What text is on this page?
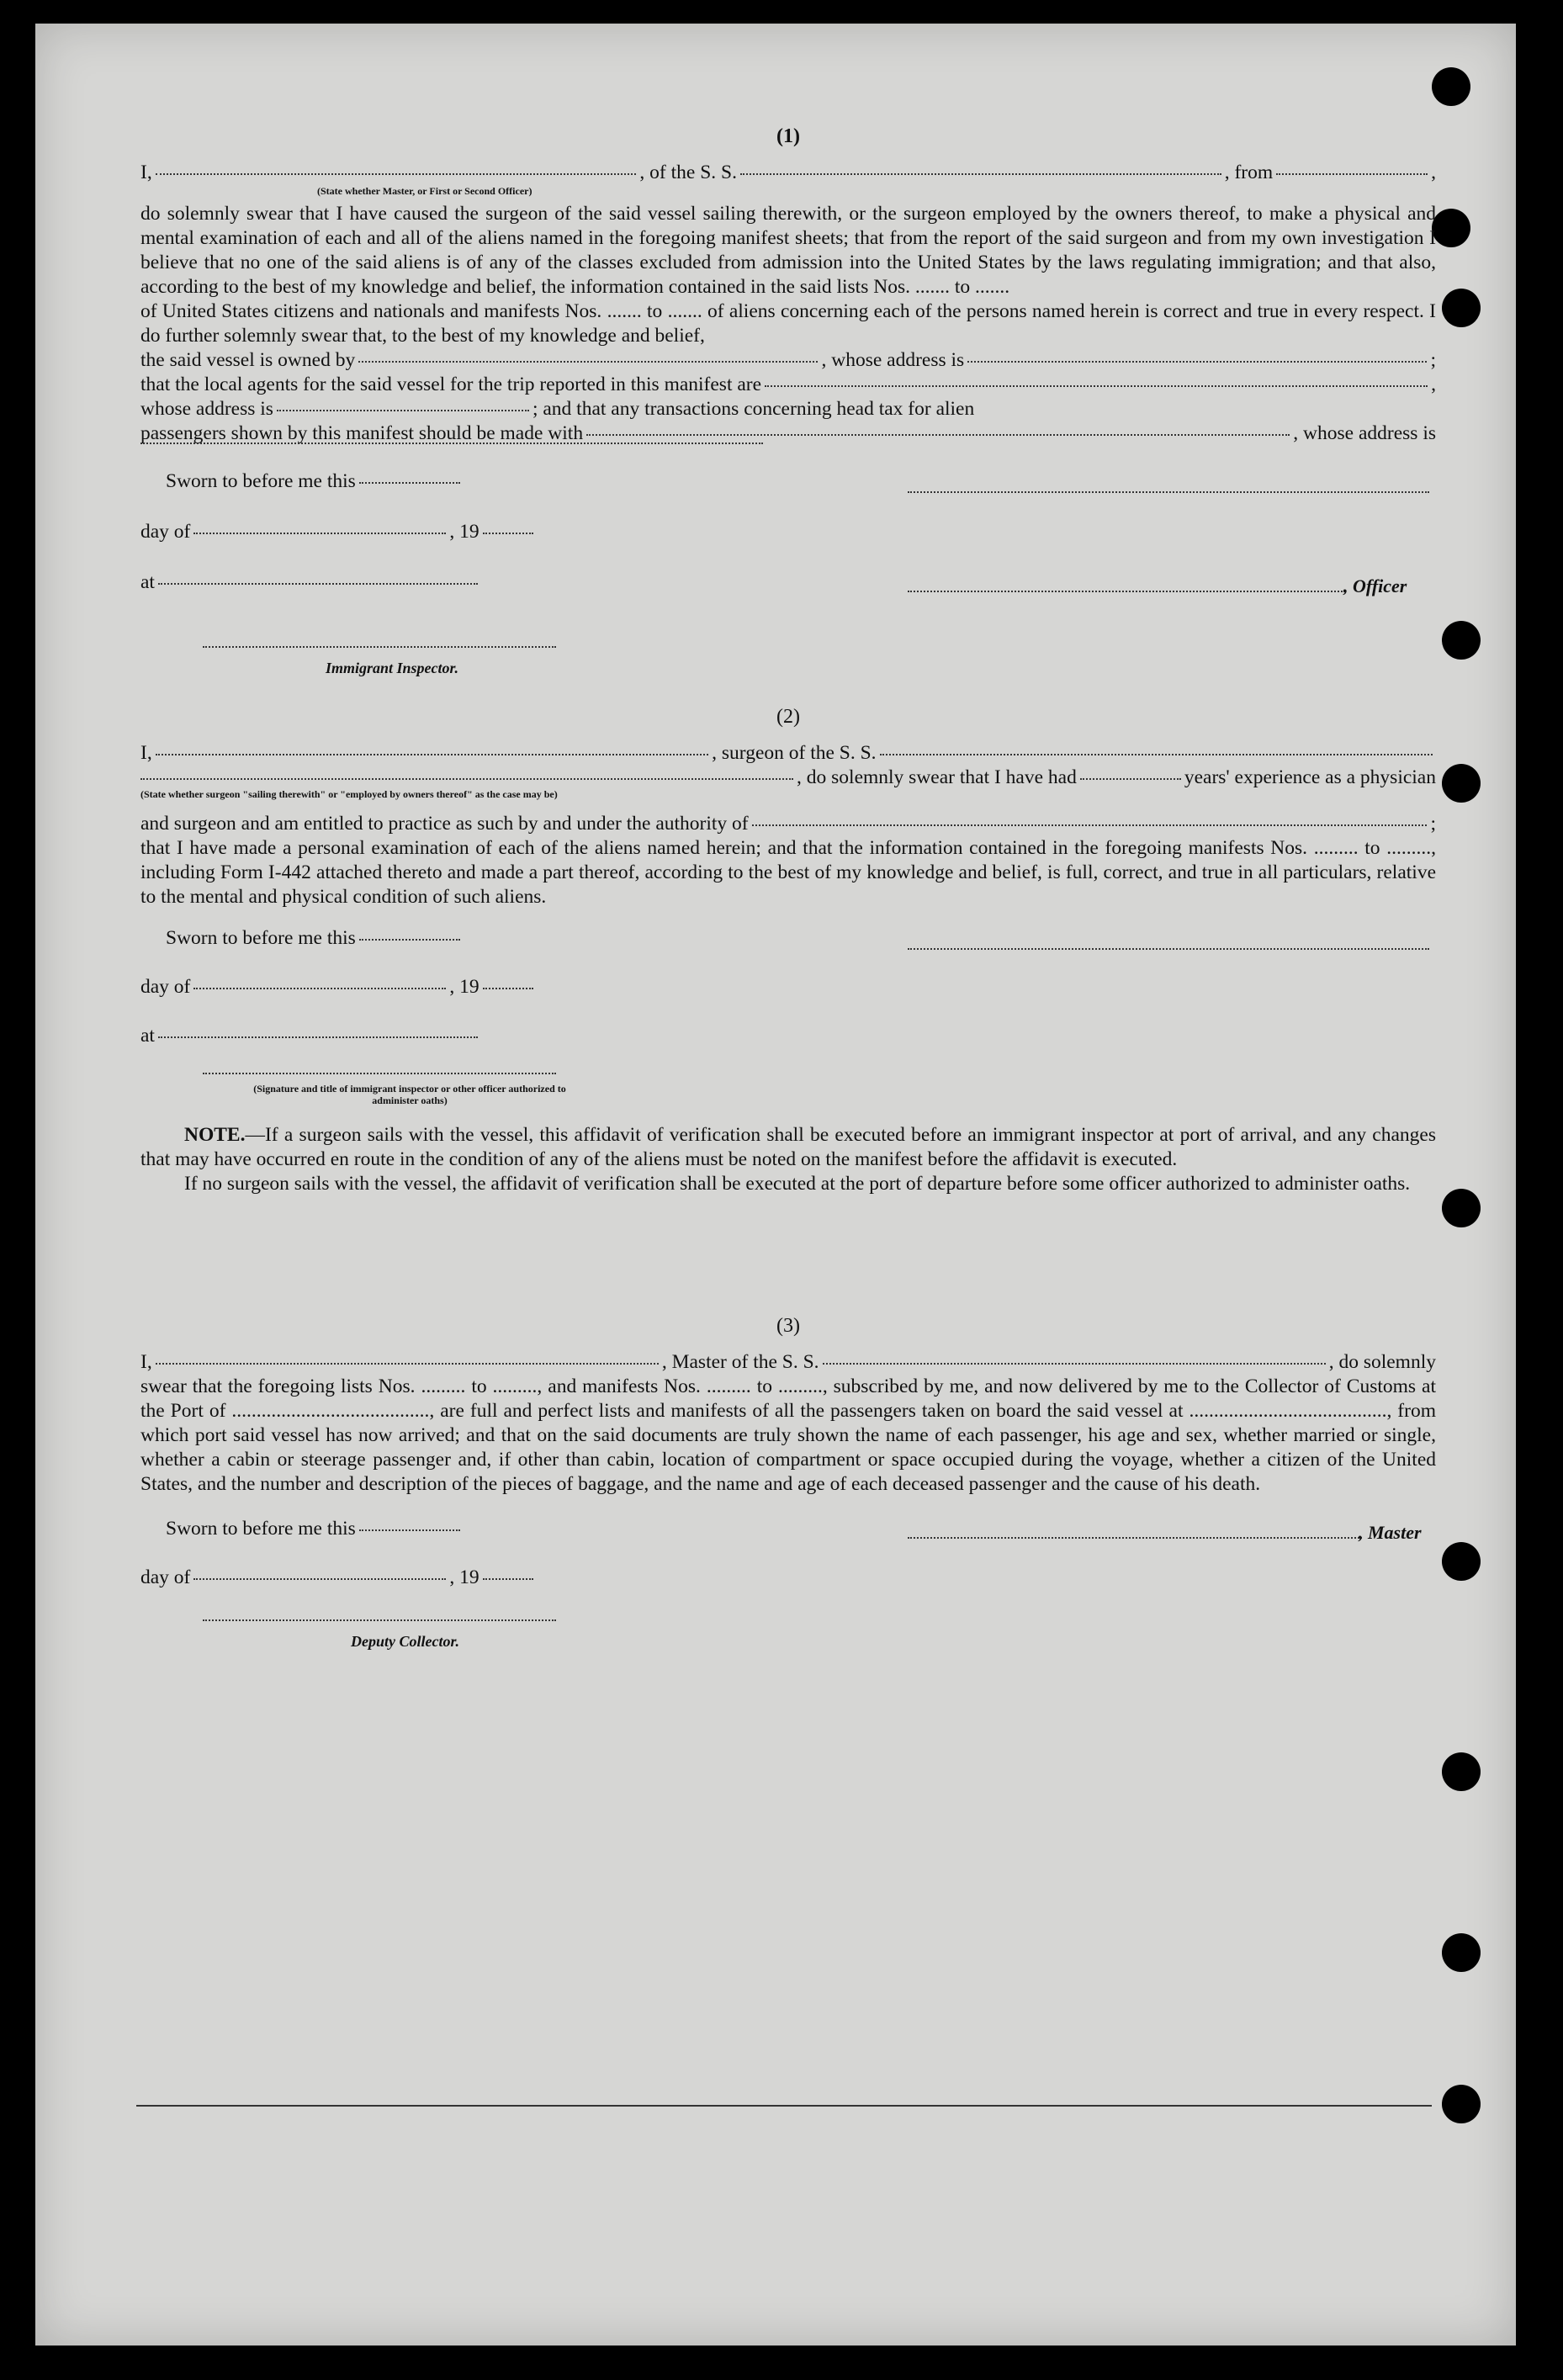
(1)

I,	, of the S. S.	, from	,
(State whether Master, or First or Second Officer)

do solemnly swear that I have caused the surgeon of the said vessel sailing therewith, or the surgeon employed by the owners thereof, to make a physical and mental examination of each and all of the aliens named in the foregoing manifest sheets; that from the report of the said surgeon and from my own investigation I believe that no one of the said aliens is of any of the classes excluded from admission into the United States by the laws regulating immigration; and that also, according to the best of my knowledge and belief, the information contained in the said lists Nos. ....... to .......

of United States citizens and nationals and manifests Nos. ....... to ....... of aliens concerning each of the persons named herein is correct and true in every respect. I do further solemnly swear that, to the best of my knowledge and belief,

the said vessel is owned by	, whose address is	;
that the local agents for the said vessel for the trip reported in this manifest are	,
whose address is	; and that any transactions concerning head tax for alien
passengers shown by this manifest should be made with	, whose address is
Sworn to before me this
day of	, 19
at	, Officer
Immigrant Inspector.

(2)

I,	, surgeon of the S. S.
, do solemnly swear that I have had	years' experience as a physician
(State whether surgeon "sailing therewith" or "employed by owners thereof" as the case may be)
and surgeon and am entitled to practice as such by and under the authority of	;

that I have made a personal examination of each of the aliens named herein; and that the information contained in the foregoing manifests Nos. ......... to ........., including Form I-442 attached thereto and made a part thereof, according to the best of my knowledge and belief, is full, correct, and true in all particulars, relative to the mental and physical condition of such aliens.

Sworn to before me this
day of	, 19
at
(Signature and title of immigrant inspector or other officer authorized to administer oaths)

NOTE.—If a surgeon sails with the vessel, this affidavit of verification shall be executed before an immigrant inspector at port of arrival, and any changes that may have occurred en route in the condition of any of the aliens must be noted on the manifest before the affidavit is executed.

If no surgeon sails with the vessel, the affidavit of verification shall be executed at the port of departure before some officer authorized to administer oaths.

(3)

I,	, Master of the S. S.	, do solemnly

swear that the foregoing lists Nos. ......... to ........., and manifests Nos. ......... to ........., subscribed by me, and now delivered by me to the Collector of Customs at the Port of ........................................, are full and perfect lists and manifests of all the passengers taken on board the said vessel at ........................................, from which port said vessel has now arrived; and that on the said documents are truly shown the name of each passenger, his age and sex, whether married or single, whether a cabin or steerage passenger and, if other than cabin, location of compartment or space occupied during the voyage, whether a citizen of the United States, and the number and description of the pieces of baggage, and the name and age of each deceased passenger and the cause of his death.

Sworn to before me this	, Master
day of	, 19
Deputy Collector.
